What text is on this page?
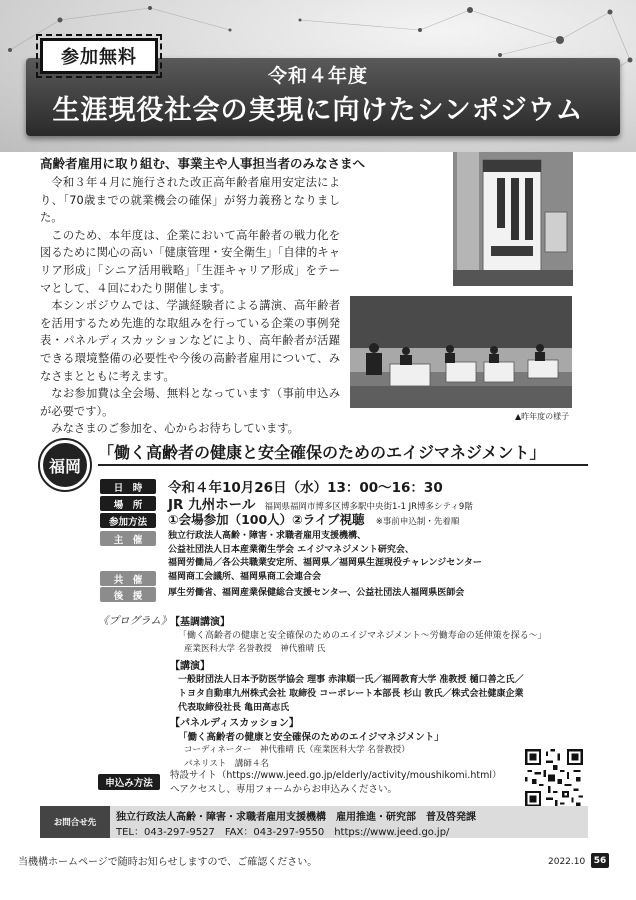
令和４年度
生涯現役社会の実現に向けたシンポジウム
参加無料
高齢者雇用に取り組む、事業主や人事担当者のみなさまへ

令和３年４月に施行された改正高年齢者雇用安定法により、「70歳までの就業機会の確保」が努力義務となりました。

このため、本年度は、企業において高年齢者の戦力化を図るために関心の高い「健康管理・安全衛生」「自律的キャリア形成」「シニア活用戦略」「生涯キャリア形成」をテーマとして、４回にわたり開催します。

本シンポジウムでは、学識経験者による講演、高年齢者を活用するため先進的な取組みを行っている企業の事例発表・パネルディスカッションなどにより、高年齢者が活躍できる環境整備の必要性や今後の高齢者雇用について、みなさまとともに考えます。

なお参加費は全会場、無料となっています（事前申込みが必要です）。

みなさまのご参加を、心からお待ちしています。

▲昨年度の様子
福岡
「働く高齢者の健康と安全確保のためのエイジマネジメント」
日　時	令和４年10月26日（水）13：00～16：30
場　所	JR 九州ホール 福岡県福岡市博多区博多駅中央街1-1 JR博多シティ9階
参加方法	①会場参加（100人）②ライブ視聴 ※事前申込制・先着順
主　催	独立行政法人高齢・障害・求職者雇用支援機構、
公益社団法人日本産業衛生学会 エイジマネジメント研究会、
福岡労働局／各公共職業安定所、福岡県／福岡県生涯現役チャレンジセンター
共　催	福岡商工会議所、福岡県商工会連合会
後　援	厚生労働省、福岡産業保健総合支援センター、公益社団法人福岡県医師会
《プログラム》
【基調講演】
「働く高齢者の健康と安全確保のためのエイジマネジメント～労働寿命の延伸策を探る～」
産業医科大学 名誉教授　神代雅晴 氏
【講演】
一般財団法人日本予防医学協会 理事 赤津順一氏／福岡教育大学 准教授 樋口善之氏／
トヨタ自動車九州株式会社 取締役 コーポレート本部長 杉山 敦氏／株式会社健康企業
代表取締役社長 亀田高志氏
【パネルディスカッション】
「働く高齢者の健康と安全確保のためのエイジマネジメント」
コーディネーター　神代雅晴 氏（産業医科大学 名誉教授）
パネリスト　講師４名
申込み方法
特設サイト（https://www.jeed.go.jp/elderly/activity/moushikomi.html）へアクセスし、専用フォームからお申込みください。
お問合せ先	独立行政法人高齢・障害・求職者雇用支援機構　雇用推進・研究部　普及啓発課
TEL：043-297-9527　FAX：043-297-9550　https://www.jeed.go.jp/
当機構ホームページで随時お知らせしますので、ご確認ください。	2022.10 56
